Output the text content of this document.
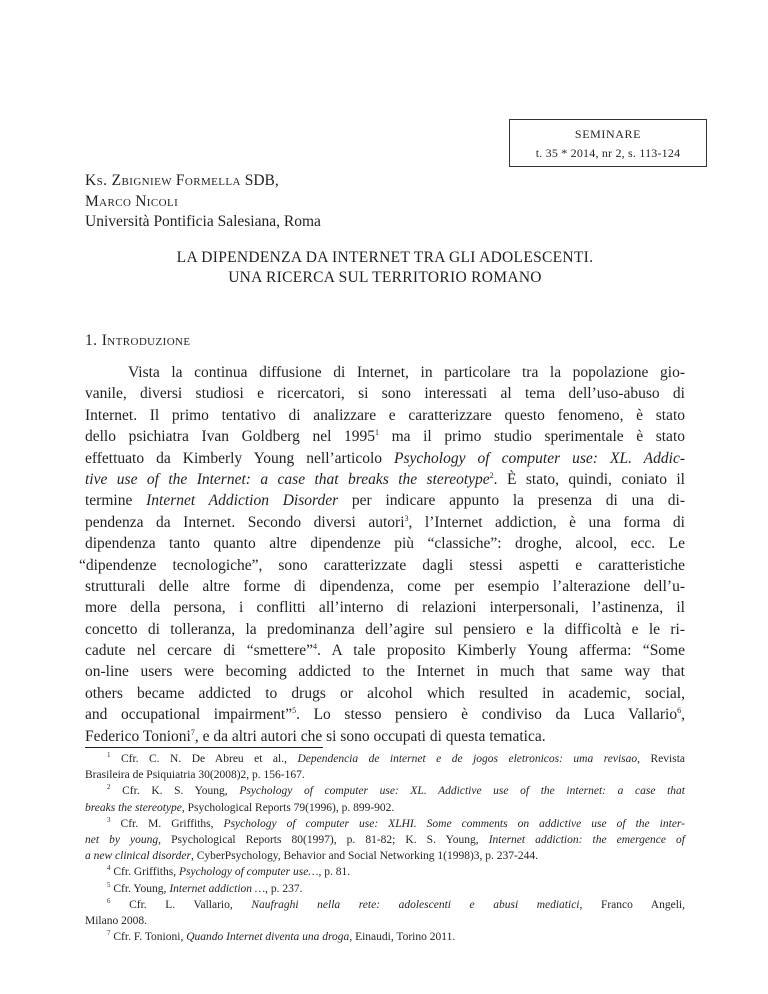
SEMINARE
t. 35 * 2014, nr 2, s. 113-124
Ks. Zbigniew Formella SDB,
Marco Nicoli
Università Pontificia Salesiana, Roma
LA DIPENDENZA DA INTERNET TRA GLI ADOLESCENTI.
UNA RICERCA SUL TERRITORIO ROMANO
1. Introduzione
Vista la continua diffusione di Internet, in particolare tra la popolazione gio-
vanile, diversi studiosi e ricercatori, si sono interessati al tema dell’uso-abuso di
Internet. Il primo tentativo di analizzare e caratterizzare questo fenomeno, è stato
dello psichiatra Ivan Goldberg nel 1995$^1$ ma il primo studio sperimentale è stato
effettuato da Kimberly Young nell’articolo Psychology of computer use: XL. Addic-
tive use of the Internet: a case that breaks the stereotype$^2$. È stato, quindi, coniato il
termine Internet Addiction Disorder per indicare appunto la presenza di una di-
pendenza da Internet. Secondo diversi autori$^3$, l’Internet addiction, è una forma di
dipendenza tanto quanto altre dipendenze più “classiche”: droghe, alcool, ecc. Le
“dipendenze tecnologiche”, sono caratterizzate dagli stessi aspetti e caratteristiche
strutturali delle altre forme di dipendenza, come per esempio l’alterazione dell’u-
more della persona, i conflitti all’interno di relazioni interpersonali, l’astinenza, il
concetto di tolleranza, la predominanza dell’agire sul pensiero e la difficoltà e le ri-
cadute nel cercare di “smettere”$^4$. A tale proposito Kimberly Young afferma: “Some
on-line users were becoming addicted to the Internet in much that same way that
others became addicted to drugs or alcohol which resulted in academic, social,
and occupational impairment”$^5$. Lo stesso pensiero è condiviso da Luca Vallario$^6$,
Federico Tonioni$^7$, e da altri autori che si sono occupati di questa tematica.
$^1$ Cfr. C. N. De Abreu et al., Dependencia de internet e de jogos eletronicos: uma revisao, Revista
Brasileira de Psiquiatria 30(2008)2, p. 156-167.
$^2$ Cfr. K. S. Young, Psychology of computer use: XL. Addictive use of the internet: a case that
breaks the stereotype, Psychological Reports 79(1996), p. 899-902.
$^3$ Cfr. M. Griffiths, Psychology of computer use: XLHI. Some comments on addictive use of the inter-
net by young, Psychological Reports 80(1997), p. 81-82; K. S. Young, Internet addiction: the emergence of
a new clinical disorder, CyberPsychology, Behavior and Social Networking 1(1998)3, p. 237-244.
$^4$ Cfr. Griffiths, Psychology of computer use…, p. 81.
$^5$ Cfr. Young, Internet addiction …, p. 237.
$^6$ Cfr. L. Vallario, Naufraghi nella rete: adolescenti e abusi mediatici, Franco Angeli,
Milano 2008.
$^7$ Cfr. F. Tonioni, Quando Internet diventa una droga, Einaudi, Torino 2011.
